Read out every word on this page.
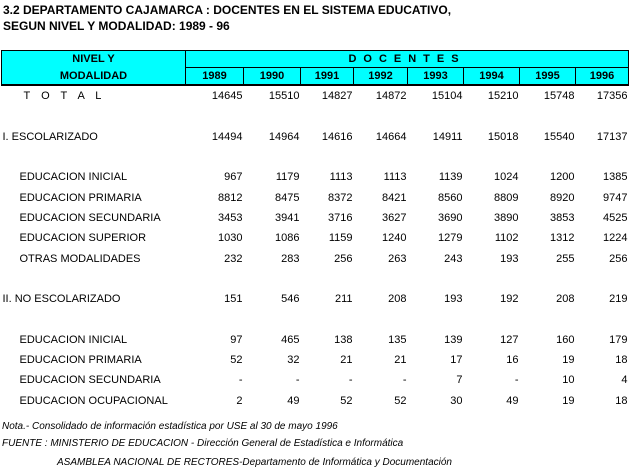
3.2 DEPARTAMENTO CAJAMARCA : DOCENTES EN EL SISTEMA EDUCATIVO,
SEGUN NIVEL Y MODALIDAD: 1989 - 96
NIVEL Y	DOCENTES							
MODALIDAD	1989	1990	1991	1992	1993	1994	1995	1996
T O T A L	14645	15510	14827	14872	15104	15210	15748	17356

I. ESCOLARIZADO	14494	14964	14616	14664	14911	15018	15540	17137

EDUCACION INICIAL	967	1179	1113	1113	1139	1024	1200	1385
EDUCACION PRIMARIA	8812	8475	8372	8421	8560	8809	8920	9747
EDUCACION SECUNDARIA	3453	3941	3716	3627	3690	3890	3853	4525
EDUCACION SUPERIOR	1030	1086	1159	1240	1279	1102	1312	1224
OTRAS MODALIDADES	232	283	256	263	243	193	255	256

II. NO ESCOLARIZADO	151	546	211	208	193	192	208	219

EDUCACION INICIAL	97	465	138	135	139	127	160	179
EDUCACION PRIMARIA	52	32	21	21	17	16	19	18
EDUCACION SECUNDARIA	-	-	-	-	7	-	10	4
EDUCACION OCUPACIONAL	2	49	52	52	30	49	19	18
Nota.- Consolidado de información estadística por USE al 30 de mayo 1996
FUENTE : MINISTERIO DE EDUCACION - Dirección General de Estadística e Informática
ASAMBLEA NACIONAL DE RECTORES-Departamento de Informática y Documentación
